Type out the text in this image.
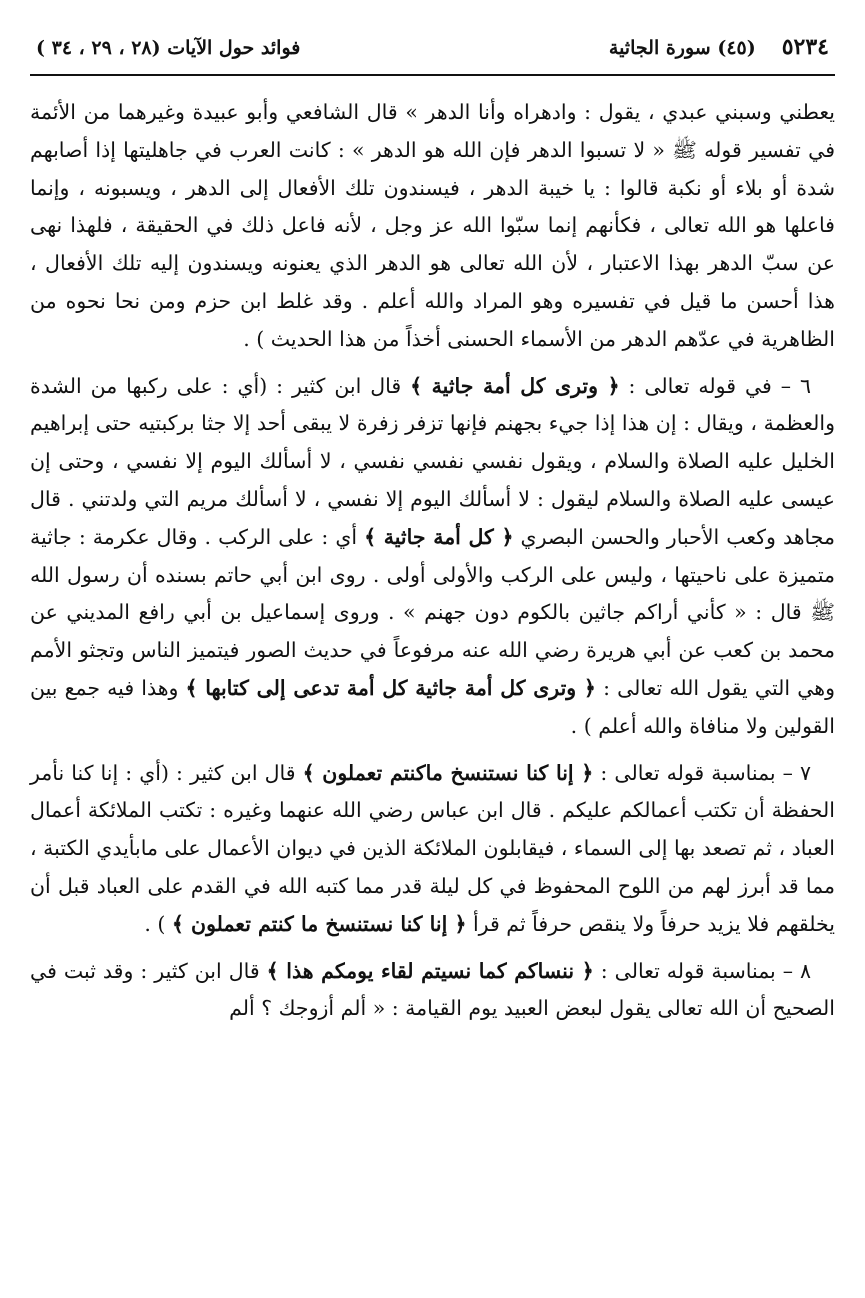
٥٢٣٤
(٤٥) سورة الجاثية
فوائد حول الآيات (٢٨ ، ٢٩ ، ٣٤ )

يعطني وسبني عبدي ، يقول : وادهراه وأنا الدهر » قال الشافعي وأبو عبيدة وغيرهما من الأئمة في تفسير قوله ﷺ « لا تسبوا الدهر فإن الله هو الدهر » : كانت العرب في جاهليتها إذا أصابهم شدة أو بلاء أو نكبة قالوا : يا خيبة الدهر ، فيسندون تلك الأفعال إلى الدهر ، ويسبونه ، وإنما فاعلها هو الله تعالى ، فكأنهم إنما سبّوا الله عز وجل ، لأنه فاعل ذلك في الحقيقة ، فلهذا نهى عن سبّ الدهر بهذا الاعتبار ، لأن الله تعالى هو الدهر الذي يعنونه ويسندون إليه تلك الأفعال ، هذا أحسن ما قيل في تفسيره وهو المراد والله أعلم . وقد غلط ابن حزم ومن نحا نحوه من الظاهرية في عدّهم الدهر من الأسماء الحسنى أخذاً من هذا الحديث ) .

٦ – في قوله تعالى : ﴿ وترى كل أمة جاثية ﴾ قال ابن كثير : (أي : على ركبها من الشدة والعظمة ، ويقال : إن هذا إذا جيء بجهنم فإنها تزفر زفرة لا يبقى أحد إلا جثا بركبتيه حتى إبراهيم الخليل عليه الصلاة والسلام ، ويقول نفسي نفسي نفسي ، لا أسألك اليوم إلا نفسي ، وحتى إن عيسى عليه الصلاة والسلام ليقول : لا أسألك اليوم إلا نفسي ، لا أسألك مريم التي ولدتني . قال مجاهد وكعب الأحبار والحسن البصري ﴿ كل أمة جاثية ﴾ أي : على الركب . وقال عكرمة : جاثية متميزة على ناحيتها ، وليس على الركب والأولى أولى . روى ابن أبي حاتم بسنده أن رسول الله ﷺ قال : « كأني أراكم جاثين بالكوم دون جهنم » . وروى إسماعيل بن أبي رافع المديني عن محمد بن كعب عن أبي هريرة رضي الله عنه مرفوعاً في حديث الصور فيتميز الناس وتجثو الأمم وهي التي يقول الله تعالى : ﴿ وترى كل أمة جاثية كل أمة تدعى إلى كتابها ﴾ وهذا فيه جمع بين القولين ولا منافاة والله أعلم ) .

٧ – بمناسبة قوله تعالى : ﴿ إنا كنا نستنسخ ماكنتم تعملون ﴾ قال ابن كثير : (أي : إنا كنا نأمر الحفظة أن تكتب أعمالكم عليكم . قال ابن عباس رضي الله عنهما وغيره : تكتب الملائكة أعمال العباد ، ثم تصعد بها إلى السماء ، فيقابلون الملائكة الذين في ديوان الأعمال على مابأيدي الكتبة ، مما قد أبرز لهم من اللوح المحفوظ في كل ليلة قدر مما كتبه الله في القدم على العباد قبل أن يخلقهم فلا يزيد حرفاً ولا ينقص حرفاً ثم قرأ ﴿ إنا كنا نستنسخ ما كنتم تعملون ﴾ ) .

٨ – بمناسبة قوله تعالى : ﴿ ننساكم كما نسيتم لقاء يومكم هذا ﴾ قال ابن كثير : وقد ثبت في الصحيح أن الله تعالى يقول لبعض العبيد يوم القيامة : « ألم أزوجك ؟ ألم
